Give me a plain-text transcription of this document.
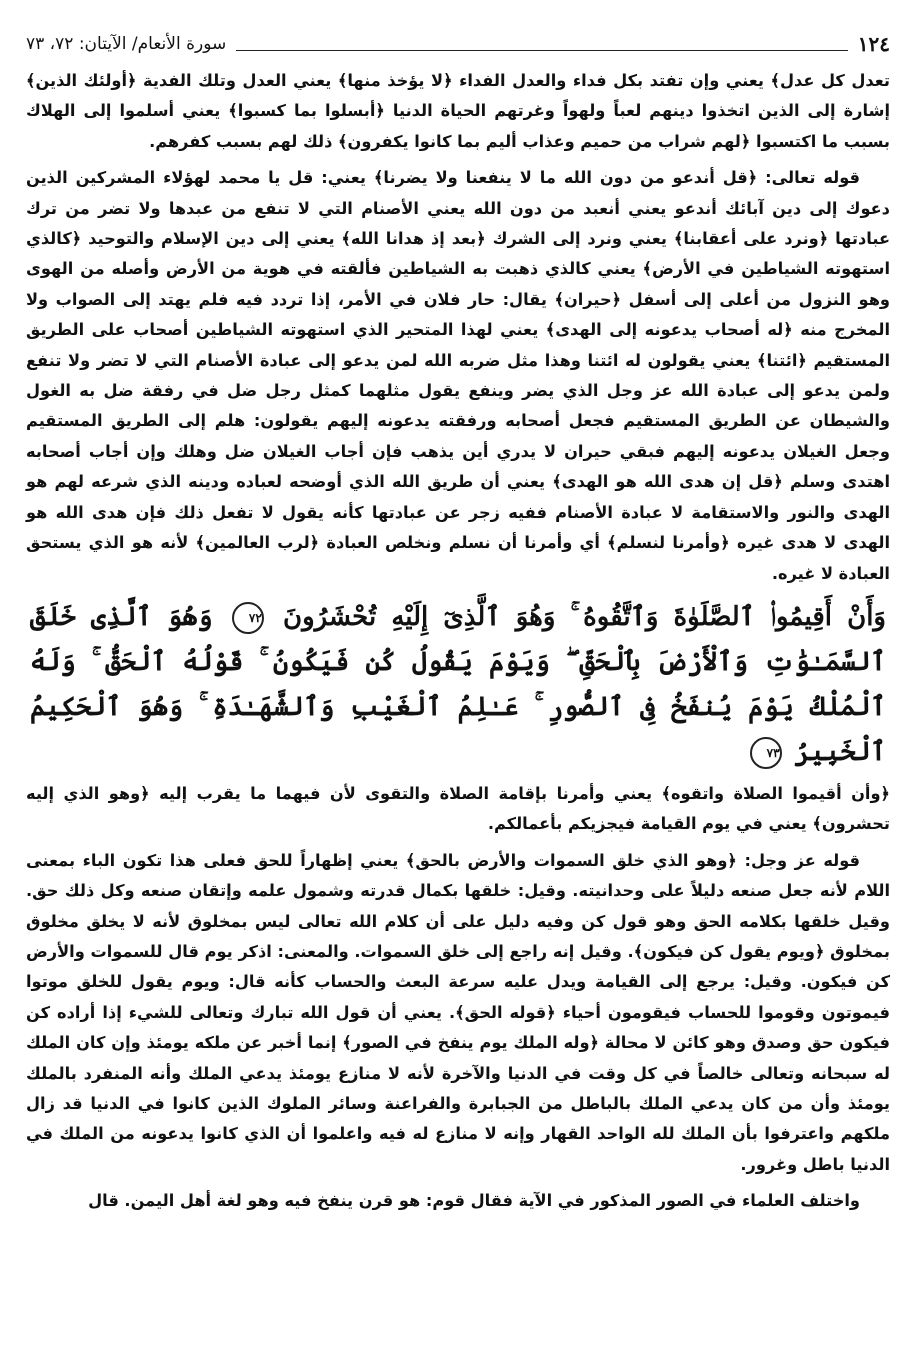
١٢٤
سورة الأنعام/ الآيتان: ٧٢، ٧٣

تعدل كل عدل﴾ يعني وإن تفتد بكل فداء والعدل الفداء ﴿لا يؤخذ منها﴾ يعني العدل وتلك الفدية ﴿أولئك الذين﴾ إشارة إلى الذين اتخذوا دينهم لعباً ولهواً وغرتهم الحياة الدنيا ﴿أبسلوا بما كسبوا﴾ يعني أسلموا إلى الهلاك بسبب ما اكتسبوا ﴿لهم شراب من حميم وعذاب أليم بما كانوا يكفرون﴾ ذلك لهم بسبب كفرهم.

قوله تعالى: ﴿قل أندعو من دون الله ما لا ينفعنا ولا يضرنا﴾ يعني: قل يا محمد لهؤلاء المشركين الذين دعوك إلى دين آبائك أندعو يعني أنعبد من دون الله يعني الأصنام التي لا تنفع من عبدها ولا تضر من ترك عبادتها ﴿ونرد على أعقابنا﴾ يعني ونرد إلى الشرك ﴿بعد إذ هدانا الله﴾ يعني إلى دين الإسلام والتوحيد ﴿كالذي استهوته الشياطين في الأرض﴾ يعني كالذي ذهبت به الشياطين فألقته في هوية من الأرض وأصله من الهوى وهو النزول من أعلى إلى أسفل ﴿حيران﴾ يقال: حار فلان في الأمر، إذا تردد فيه فلم يهتد إلى الصواب ولا المخرج منه ﴿له أصحاب يدعونه إلى الهدى﴾ يعني لهذا المتحير الذي استهوته الشياطين أصحاب على الطريق المستقيم ﴿ائتنا﴾ يعني يقولون له ائتنا وهذا مثل ضربه الله لمن يدعو إلى عبادة الأصنام التي لا تضر ولا تنفع ولمن يدعو إلى عبادة الله عز وجل الذي يضر وينفع يقول مثلهما كمثل رجل ضل في رفقة ضل به الغول والشيطان عن الطريق المستقيم فجعل أصحابه ورفقته يدعونه إليهم يقولون: هلم إلى الطريق المستقيم وجعل الغيلان يدعونه إليهم فبقي حيران لا يدري أين يذهب فإن أجاب الغيلان ضل وهلك وإن أجاب أصحابه اهتدى وسلم ﴿قل إن هدى الله هو الهدى﴾ يعني أن طريق الله الذي أوضحه لعباده ودينه الذي شرعه لهم هو الهدى والنور والاستقامة لا عبادة الأصنام ففيه زجر عن عبادتها كأنه يقول لا تفعل ذلك فإن هدى الله هو الهدى لا هدى غيره ﴿وأمرنا لنسلم﴾ أي وأمرنا أن نسلم ونخلص العبادة ﴿لرب العالمين﴾ لأنه هو الذي يستحق العبادة لا غيره.

وَأَنْ أَقِيمُوا۟ ٱلصَّلَوٰةَ وَٱتَّقُوهُ ۚ وَهُوَ ٱلَّذِىٓ إِلَيْهِ تُحْشَرُونَ ٧٢ وَهُوَ ٱلَّذِى خَلَقَ ٱلسَّمَـٰوَٰتِ وَٱلْأَرْضَ بِٱلْحَقِّ ۖ وَيَوْمَ يَقُولُ كُن فَيَكُونُ ۚ قَوْلُهُ ٱلْحَقُّ ۚ وَلَهُ ٱلْمُلْكُ يَوْمَ يُنفَخُ فِى ٱلصُّورِ ۚ عَـٰلِمُ ٱلْغَيْبِ وَٱلشَّهَـٰدَةِ ۚ وَهُوَ ٱلْحَكِيمُ ٱلْخَبِيرُ ٧٣

﴿وأن أقيموا الصلاة واتقوه﴾ يعني وأمرنا بإقامة الصلاة والتقوى لأن فيهما ما يقرب إليه ﴿وهو الذي إليه تحشرون﴾ يعني في يوم القيامة فيجزيكم بأعمالكم.

قوله عز وجل: ﴿وهو الذي خلق السموات والأرض بالحق﴾ يعني إظهاراً للحق فعلى هذا تكون الباء بمعنى اللام لأنه جعل صنعه دليلاً على وحدانيته. وقيل: خلقها بكمال قدرته وشمول علمه وإتقان صنعه وكل ذلك حق. وقيل خلقها بكلامه الحق وهو قول كن وفيه دليل على أن كلام الله تعالى ليس بمخلوق لأنه لا يخلق مخلوق بمخلوق ﴿ويوم يقول كن فيكون﴾. وقيل إنه راجع إلى خلق السموات. والمعنى: اذكر يوم قال للسموات والأرض كن فيكون. وقيل: يرجع إلى القيامة ويدل عليه سرعة البعث والحساب كأنه قال: ويوم يقول للخلق موتوا فيموتون وقوموا للحساب فيقومون أحياء ﴿قوله الحق﴾. يعني أن قول الله تبارك وتعالى للشيء إذا أراده كن فيكون حق وصدق وهو كائن لا محالة ﴿وله الملك يوم ينفخ في الصور﴾ إنما أخبر عن ملكه يومئذ وإن كان الملك له سبحانه وتعالى خالصاً في كل وقت في الدنيا والآخرة لأنه لا منازع يومئذ يدعي الملك وأنه المنفرد بالملك يومئذ وأن من كان يدعي الملك بالباطل من الجبابرة والفراعنة وسائر الملوك الذين كانوا في الدنيا قد زال ملكهم واعترفوا بأن الملك لله الواحد القهار وإنه لا منازع له فيه واعلموا أن الذي كانوا يدعونه من الملك في الدنيا باطل وغرور.

واختلف العلماء في الصور المذكور في الآية فقال قوم: هو قرن ينفخ فيه وهو لغة أهل اليمن. قال
